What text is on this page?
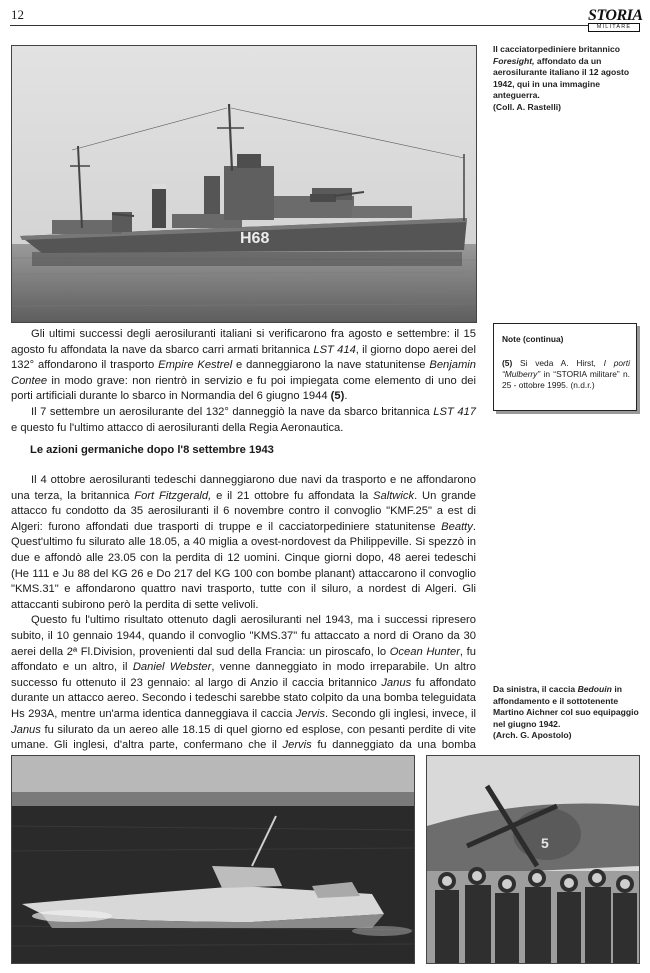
12	STORIA
MILITARE
H68
Il cacciatorpediniere britannico Foresight, affondato da un aerosilurante italiano il 12 agosto 1942, qui in una immagine anteguerra.
(Coll. A. Rastelli)
Note (continua)
(5) Si veda A. Hirst, I porti “Mulberry” in “STORIA militare” n. 25 - ottobre 1995. (n.d.r.)

Gli ultimi successi degli aerosiluranti italiani si verificarono fra agosto e settembre: il 15 agosto fu affondata la nave da sbarco carri armati britannica LST 414, il giorno dopo aerei del 132° affondarono il trasporto Empire Kestrel e danneggiarono la nave statunitense Benjamin Contee in modo grave: non rientrò in servizio e fu poi impiegata come elemento di uno dei porti artificiali durante lo sbarco in Normandia del 6 giugno 1944 (5).

Il 7 settembre un aerosilurante del 132° danneggiò la nave da sbarco britannica LST 417 e questo fu l'ultimo attacco di aerosiluranti della Regia Aeronautica.

Le azioni germaniche dopo l'8 settembre 1943

Il 4 ottobre aerosiluranti tedeschi danneggiarono due navi da trasporto e ne affondarono una terza, la britannica Fort Fitzgerald, e il 21 ottobre fu affondata la Saltwick. Un grande attacco fu condotto da 35 aerosiluranti il 6 novembre contro il convoglio "KMF.25" a est di Algeri: furono affondati due trasporti di truppe e il cacciatorpediniere statunitense Beatty. Quest'ultimo fu silurato alle 18.05, a 40 miglia a ovest-nordovest da Philippeville. Si spezzò in due e affondò alle 23.05 con la perdita di 12 uomini. Cinque giorni dopo, 48 aerei tedeschi (He 111 e Ju 88 del KG 26 e Do 217 del KG 100 con bombe planant) attaccarono il convoglio "KMS.31" e affondarono quattro navi trasporto, tutte con il siluro, a nordest di Algeri. Gli attaccanti subirono però la perdita di sette velivoli.

Questo fu l'ultimo risultato ottenuto dagli aerosiluranti nel 1943, ma i successi ripresero subito, il 10 gennaio 1944, quando il convoglio "KMS.37" fu attaccato a nord di Orano da 30 aerei della 2ª Fl.Division, provenienti dal sud della Francia: un piroscafo, lo Ocean Hunter, fu affondato e un altro, il Daniel Webster, venne danneggiato in modo irreparabile. Un altro successo fu ottenuto il 23 gennaio: al largo di Anzio il caccia britannico Janus fu affondato durante un attacco aereo. Secondo i tedeschi sarebbe stato colpito da una bomba teleguidata Hs 293A, mentre un'arma identica danneggiava il caccia Jervis. Secondo gli inglesi, invece, il Janus fu silurato da un aereo alle 18.15 di quel giorno ed esplose, con pesanti perdite di vite umane. Gli inglesi, d'altra parte, confermano che il Jervis fu danneggiato da una bomba

Da sinistra, il caccia Bedouin in affondamento e il sottotenente Martino Aichner col suo equipaggio nel giugno 1942.
(Arch. G. Apostolo)
5
